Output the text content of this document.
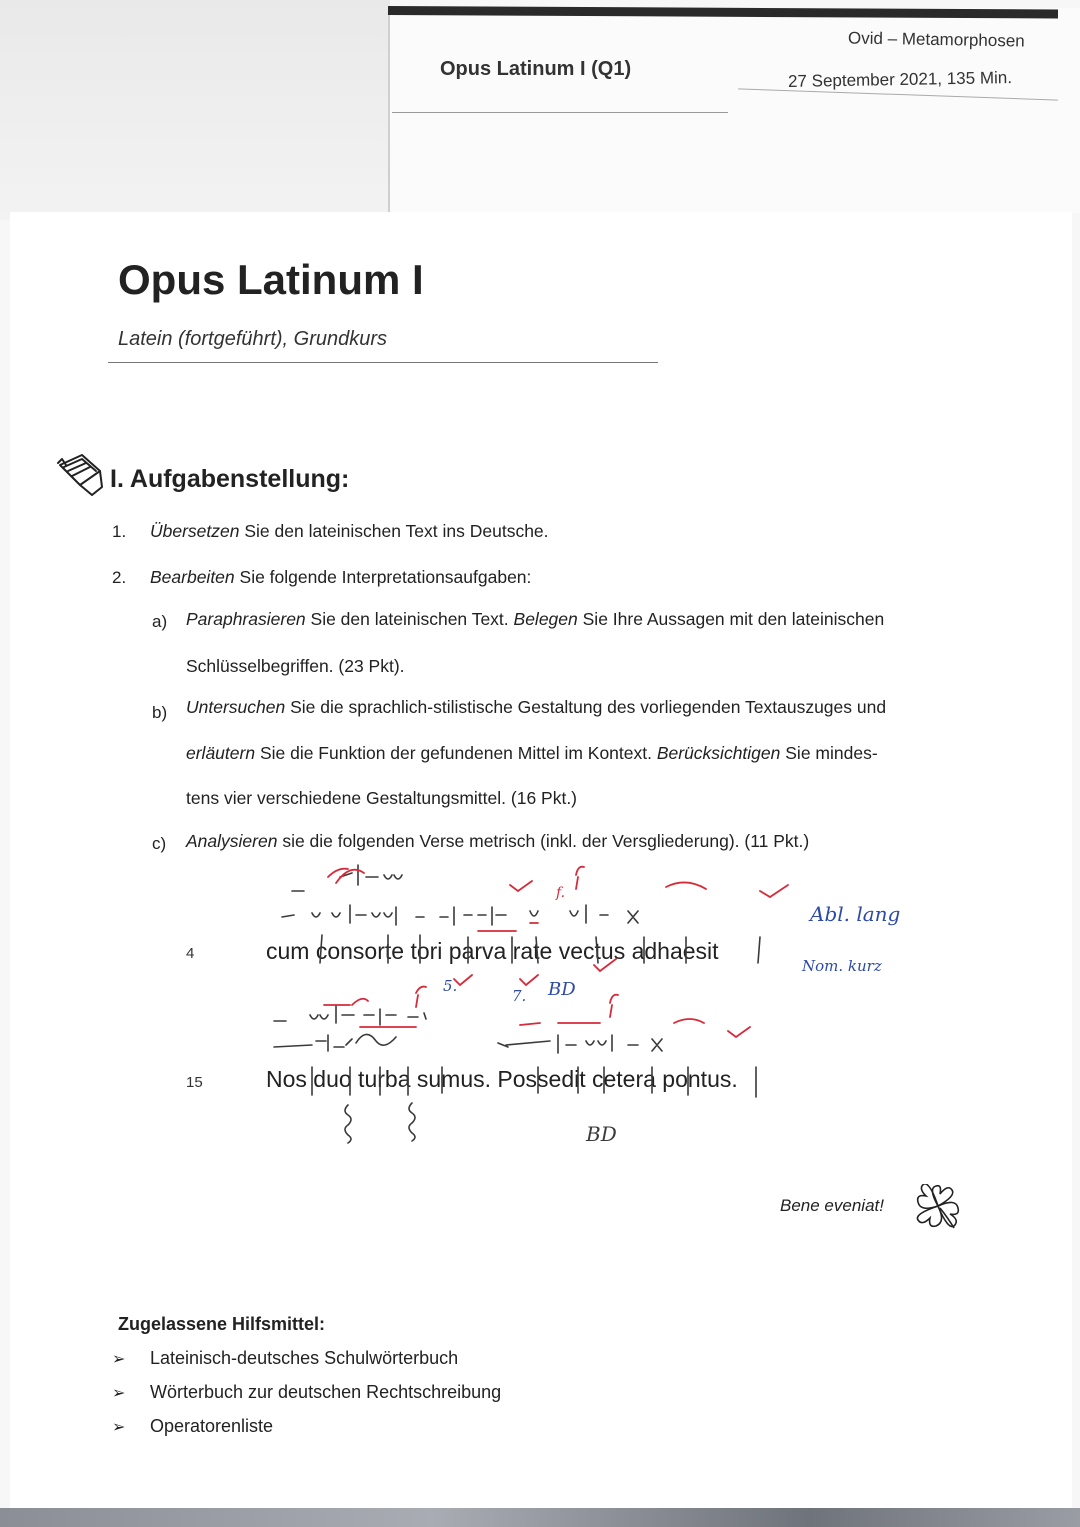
Opus Latinum I (Q1)
Ovid – Metamorphosen
27 September 2021, 135 Min.
Opus Latinum I
Latein (fortgeführt), Grundkurs
I. Aufgabenstellung:
1. Übersetzen Sie den lateinischen Text ins Deutsche.
2. Bearbeiten Sie folgende Interpretationsaufgaben:
a) Paraphrasieren Sie den lateinischen Text. Belegen Sie Ihre Aussagen mit den lateinischen
Schlüsselbegriffen. (23 Pkt).
b) Untersuchen Sie die sprachlich-stilistische Gestaltung des vorliegenden Textauszuges und
erläutern Sie die Funktion der gefundenen Mittel im Kontext. Berücksichtigen Sie mindes-
tens vier verschiedene Gestaltungsmittel. (16 Pkt.)
c) Analysieren sie die folgenden Verse metrisch (inkl. der Versgliederung). (11 Pkt.)
4	cum consorte tori parva rate vectus adhaesit
15	Nos duo turba sumus. Possedit cetera pontus.
BD
BD
5.
7.
f.
Abl. lang
Nom. kurz
Bene eveniat!
Zugelassene Hilfsmittel:
➢ Lateinisch-deutsches Schulwörterbuch
➢ Wörterbuch zur deutschen Rechtschreibung
➢ Operatorenliste
